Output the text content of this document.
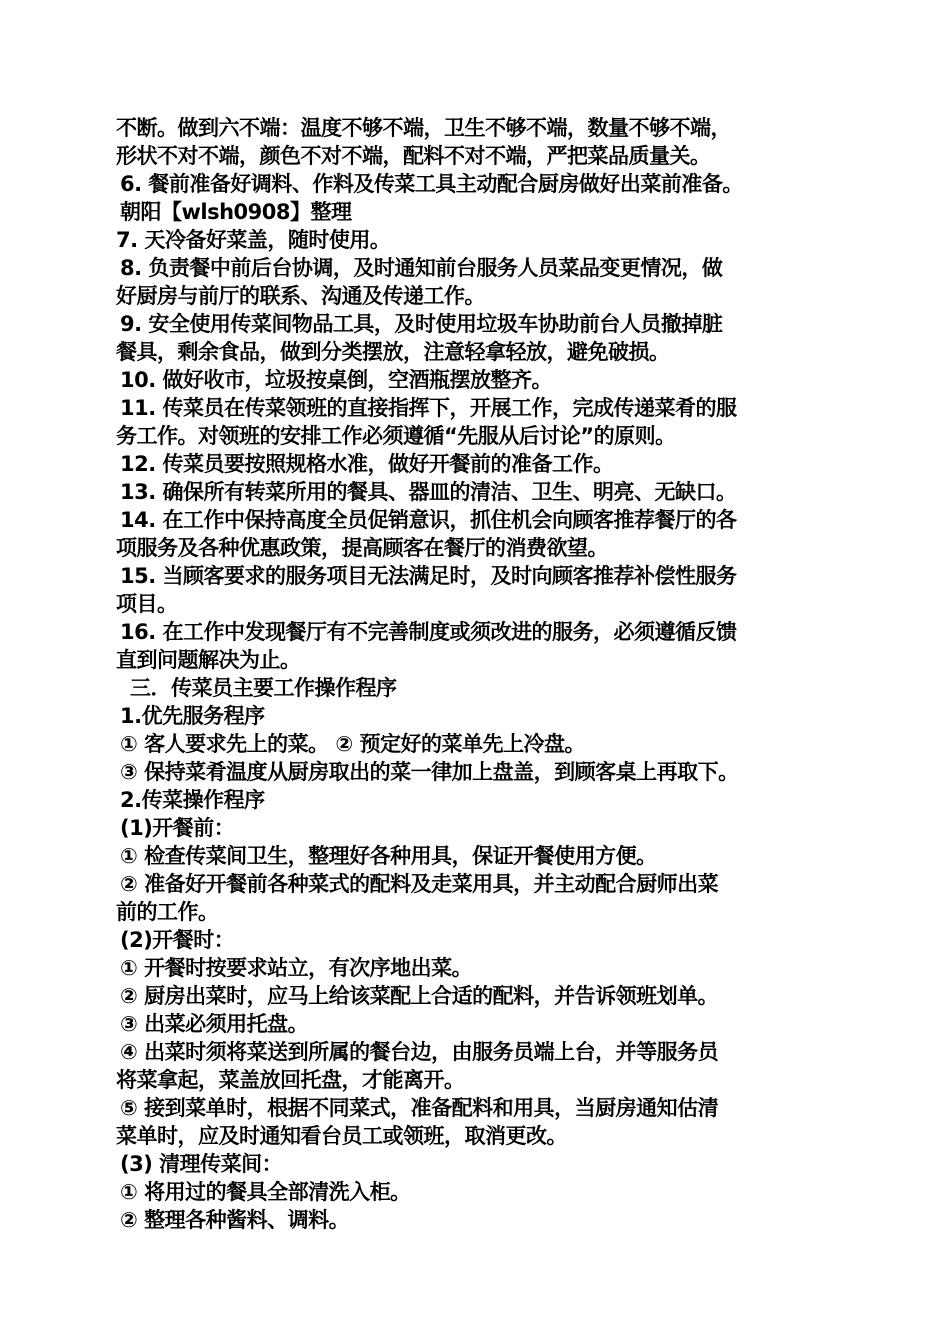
不断。做到六不端：温度不够不端，卫生不够不端，数量不够不端，
形状不对不端，颜色不对不端，配料不对不端，严把菜品质量关。
6. 餐前准备好调料、作料及传菜工具主动配合厨房做好出菜前准备。
朝阳【wlsh0908】整理
7. 天冷备好菜盖，随时使用。
8. 负责餐中前后台协调，及时通知前台服务人员菜品变更情况，做
好厨房与前厅的联系、沟通及传递工作。
9. 安全使用传菜间物品工具，及时使用垃圾车协助前台人员撤掉脏
餐具，剩余食品，做到分类摆放，注意轻拿轻放，避免破损。
10. 做好收市，垃圾按桌倒，空酒瓶摆放整齐。
11. 传菜员在传菜领班的直接指挥下，开展工作，完成传递菜肴的服
务工作。对领班的安排工作必须遵循“先服从后讨论”的原则。
12. 传菜员要按照规格水准，做好开餐前的准备工作。
13. 确保所有转菜所用的餐具、器皿的清洁、卫生、明亮、无缺口。
14. 在工作中保持高度全员促销意识，抓住机会向顾客推荐餐厅的各
项服务及各种优惠政策，提高顾客在餐厅的消费欲望。
15. 当顾客要求的服务项目无法满足时，及时向顾客推荐补偿性服务
项目。
16. 在工作中发现餐厅有不完善制度或须改进的服务，必须遵循反馈
直到问题解决为止。
三．传菜员主要工作操作程序
1.优先服务程序
① 客人要求先上的菜。 ② 预定好的菜单先上冷盘。
③ 保持菜肴温度从厨房取出的菜一律加上盘盖，到顾客桌上再取下。
2.传菜操作程序
(1)开餐前：
① 检查传菜间卫生，整理好各种用具，保证开餐使用方便。
② 准备好开餐前各种菜式的配料及走菜用具，并主动配合厨师出菜
前的工作。
(2)开餐时：
① 开餐时按要求站立，有次序地出菜。
② 厨房出菜时，应马上给该菜配上合适的配料，并告诉领班划单。
③ 出菜必须用托盘。
④ 出菜时须将菜送到所属的餐台边，由服务员端上台，并等服务员
将菜拿起，菜盖放回托盘，才能离开。
⑤ 接到菜单时，根据不同菜式，准备配料和用具，当厨房通知估清
菜单时，应及时通知看台员工或领班，取消更改。
(3) 清理传菜间：
① 将用过的餐具全部清洗入柜。
② 整理各种酱料、调料。
